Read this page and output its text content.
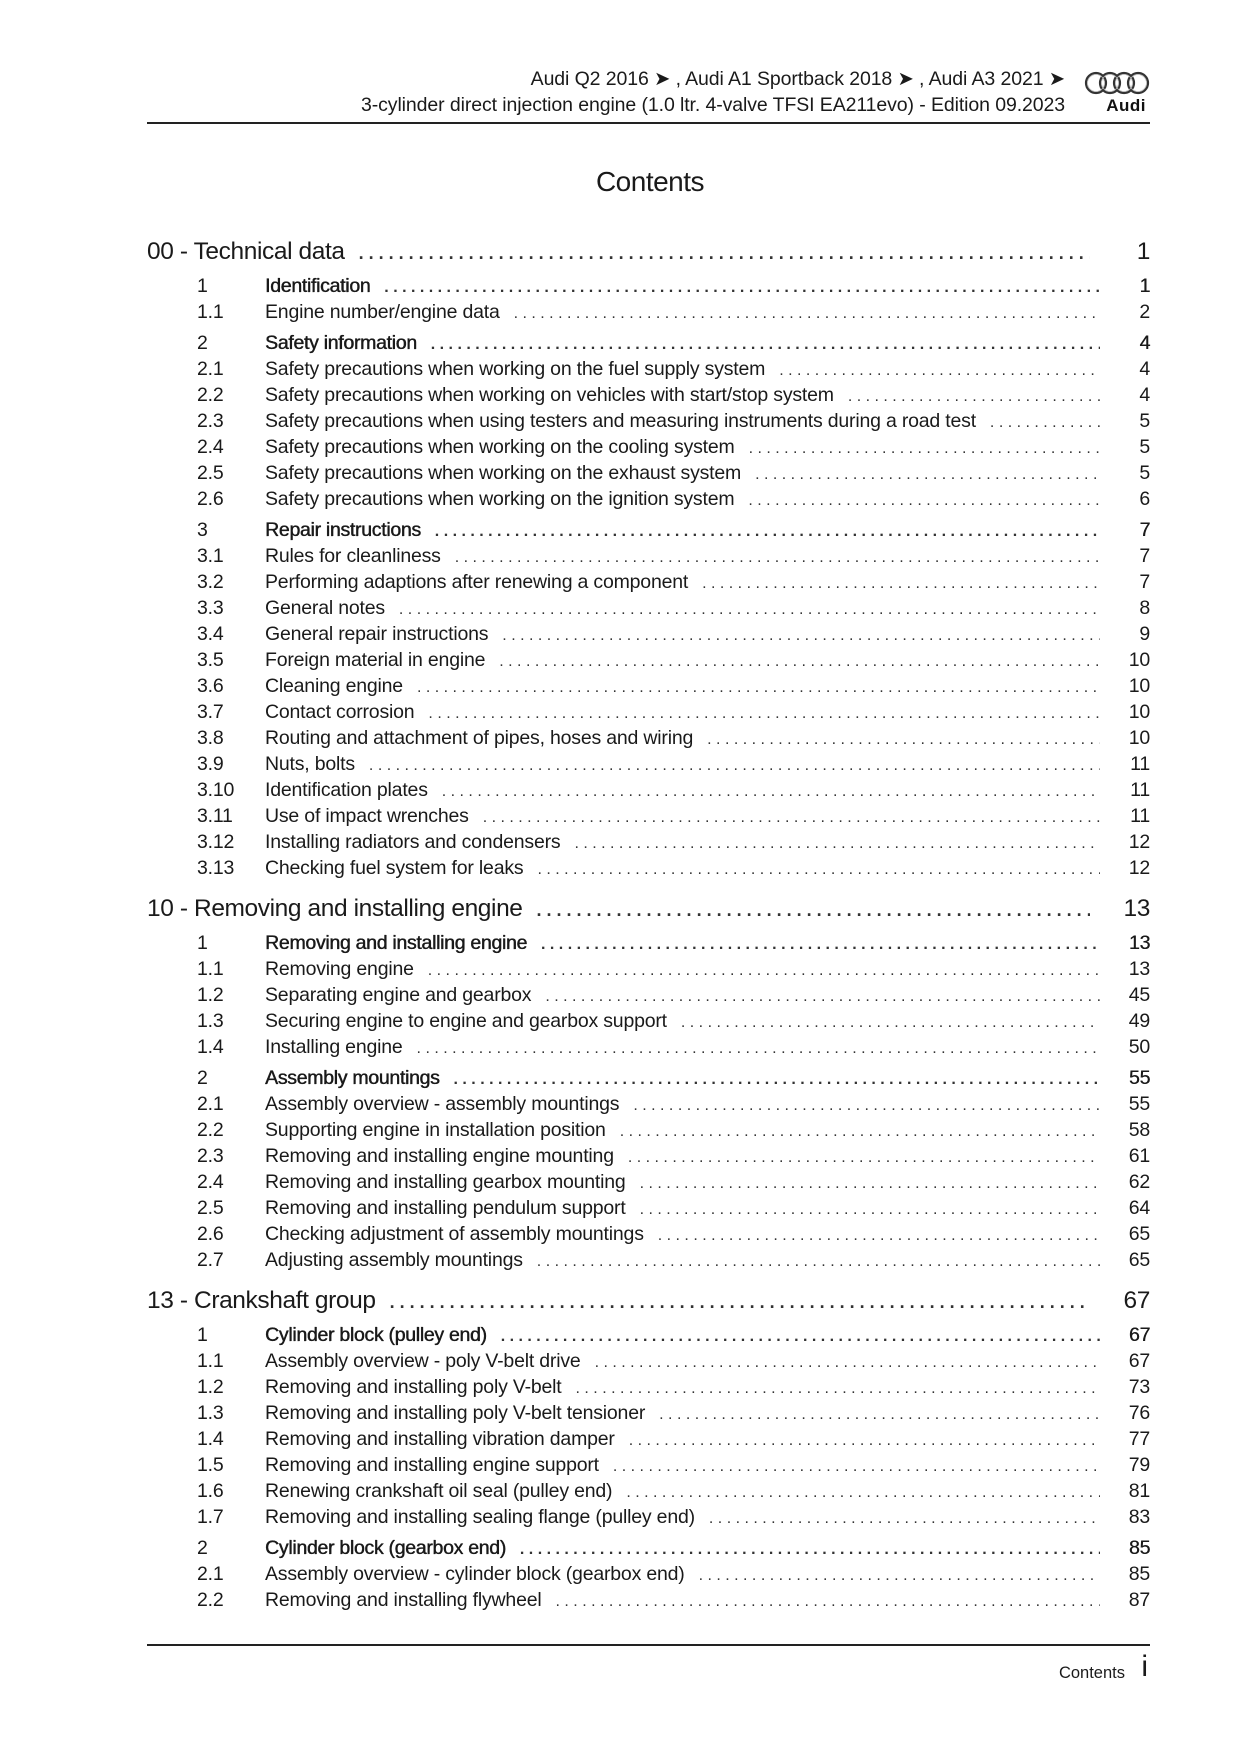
Audi Q2 2016 ➤ , Audi A1 Sportback 2018 ➤ , Audi A3 2021 ➤
3-cylinder direct injection engine (1.0 ltr. 4-valve TFSI EA211evo) - Edition 09.2023 Audi
Contents
00 - Technical data . . .	1
1	Identification . . .	1
1.1	Engine number/engine data . . .	2
2	Safety information . . .	4
2.1	Safety precautions when working on the fuel supply system . . .	4
2.2	Safety precautions when working on vehicles with start/stop system . . .	4
2.3	Safety precautions when using testers and measuring instruments during a road test . . .	5
2.4	Safety precautions when working on the cooling system . . .	5
2.5	Safety precautions when working on the exhaust system . . .	5
2.6	Safety precautions when working on the ignition system . . .	6
3	Repair instructions . . .	7
3.1	Rules for cleanliness . . .	7
3.2	Performing adaptions after renewing a component . . .	7
3.3	General notes . . .	8
3.4	General repair instructions . . .	9
3.5	Foreign material in engine . . .	10
3.6	Cleaning engine . . .	10
3.7	Contact corrosion . . .	10
3.8	Routing and attachment of pipes, hoses and wiring . . .	10
3.9	Nuts, bolts . . .	11
3.10	Identification plates . . .	11
3.11	Use of impact wrenches . . .	11
3.12	Installing radiators and condensers . . .	12
3.13	Checking fuel system for leaks . . .	12
10 - Removing and installing engine . . .	13
1	Removing and installing engine . . .	13
1.1	Removing engine . . .	13
1.2	Separating engine and gearbox . . .	45
1.3	Securing engine to engine and gearbox support . . .	49
1.4	Installing engine . . .	50
2	Assembly mountings . . .	55
2.1	Assembly overview - assembly mountings . . .	55
2.2	Supporting engine in installation position . . .	58
2.3	Removing and installing engine mounting . . .	61
2.4	Removing and installing gearbox mounting . . .	62
2.5	Removing and installing pendulum support . . .	64
2.6	Checking adjustment of assembly mountings . . .	65
2.7	Adjusting assembly mountings . . .	65
13 - Crankshaft group . . .	67
1	Cylinder block (pulley end) . . .	67
1.1	Assembly overview - poly V-belt drive . . .	67
1.2	Removing and installing poly V-belt . . .	73
1.3	Removing and installing poly V-belt tensioner . . .	76
1.4	Removing and installing vibration damper . . .	77
1.5	Removing and installing engine support . . .	79
1.6	Renewing crankshaft oil seal (pulley end) . . .	81
1.7	Removing and installing sealing flange (pulley end) . . .	83
2	Cylinder block (gearbox end) . . .	85
2.1	Assembly overview - cylinder block (gearbox end) . . .	85
2.2	Removing and installing flywheel . . .	87
Contents i
